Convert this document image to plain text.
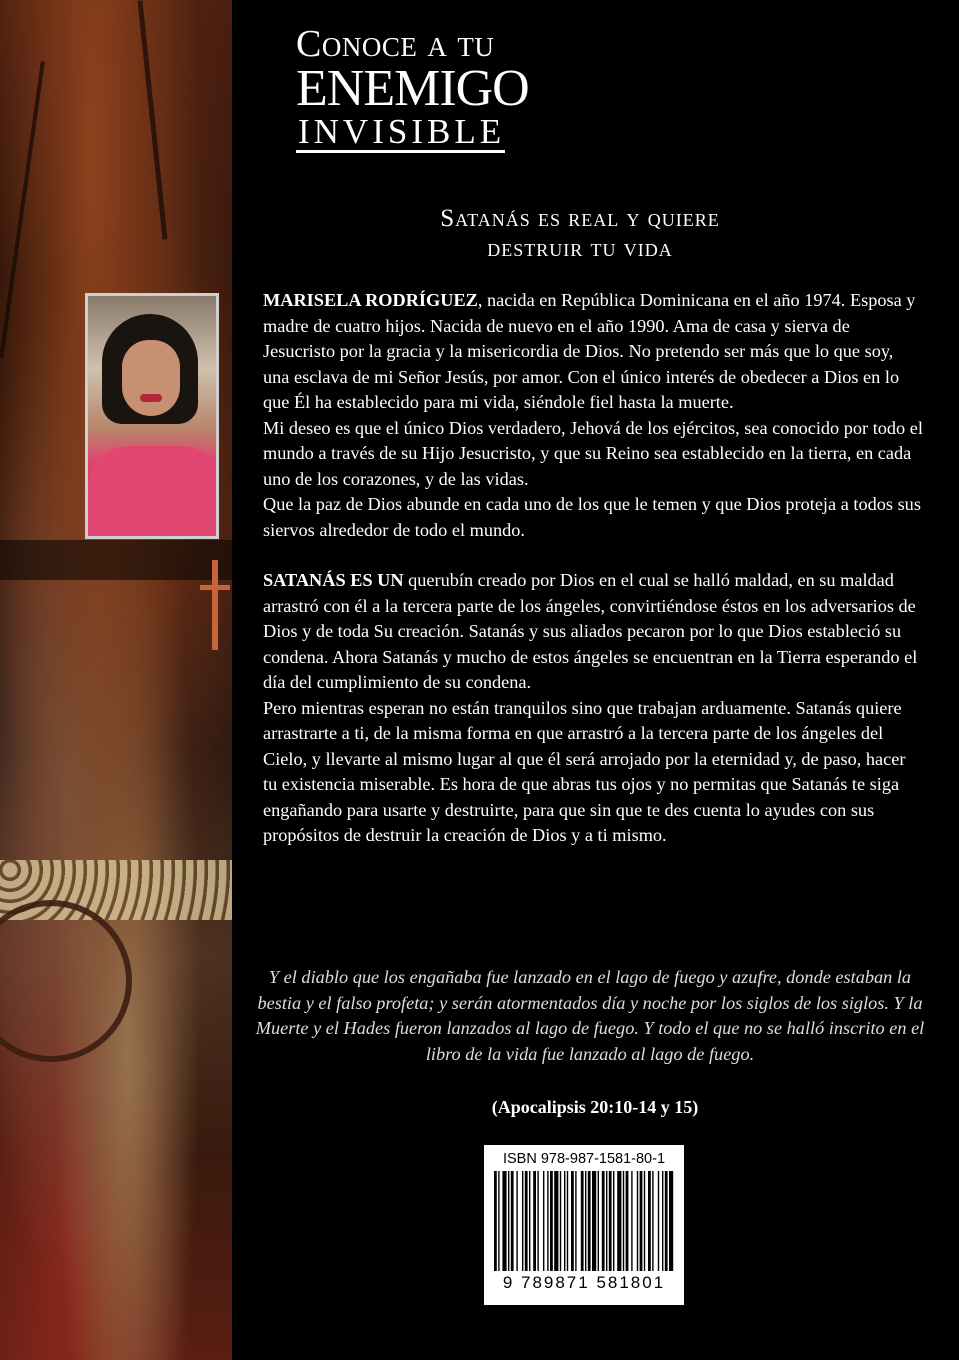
Conoce a tu
ENEMIGO
INVISIBLE
Satanás es real y quiere
destruir tu vida

MARISELA RODRÍGUEZ, nacida en República Dominicana en el año 1974. Esposa y madre de cuatro hijos. Nacida de nuevo en el año 1990. Ama de casa y sierva de Jesucristo por la gracia y la misericordia de Dios. No pretendo ser más que lo que soy, una esclava de mi Señor Jesús, por amor. Con el único interés de obedecer a Dios en lo que Él ha establecido para mi vida, siéndole fiel hasta la muerte.

Mi deseo es que el único Dios verdadero, Jehová de los ejércitos, sea conocido por todo el mundo a través de su Hijo Jesucristo, y que su Reino sea establecido en la tierra, en cada uno de los corazones, y de las vidas.

Que la paz de Dios abunde en cada uno de los que le temen y que Dios proteja a todos sus siervos alrededor de todo el mundo.

SATANÁS ES UN querubín creado por Dios en el cual se halló maldad, en su maldad arrastró con él a la tercera parte de los ángeles, convirtiéndose éstos en los adversarios de Dios y de toda Su creación. Satanás y sus aliados pecaron por lo que Dios estableció su condena. Ahora Satanás y mucho de estos ángeles se encuentran en la Tierra esperando el día del cumplimiento de su condena.

Pero mientras esperan no están tranquilos sino que trabajan arduamente. Satanás quiere arrastrarte a ti, de la misma forma en que arrastró a la tercera parte de los ángeles del Cielo, y llevarte al mismo lugar al que él será arrojado por la eternidad y, de paso, hacer tu existencia miserable. Es hora de que abras tus ojos y no permitas que Satanás te siga engañando para usarte y destruirte, para que sin que te des cuenta lo ayudes con sus propósitos de destruir la creación de Dios y a ti mismo.

Y el diablo que los engañaba fue lanzado en el lago de fuego y azufre, donde estaban la bestia y el falso profeta; y serán atormentados día y noche por los siglos de los siglos. Y la Muerte y el Hades fueron lanzados al lago de fuego. Y todo el que no se halló inscrito en el libro de la vida fue lanzado al lago de fuego.
(Apocalipsis 20:10-14 y 15)
ISBN 978-987-1581-80-1
9 789871 581801
